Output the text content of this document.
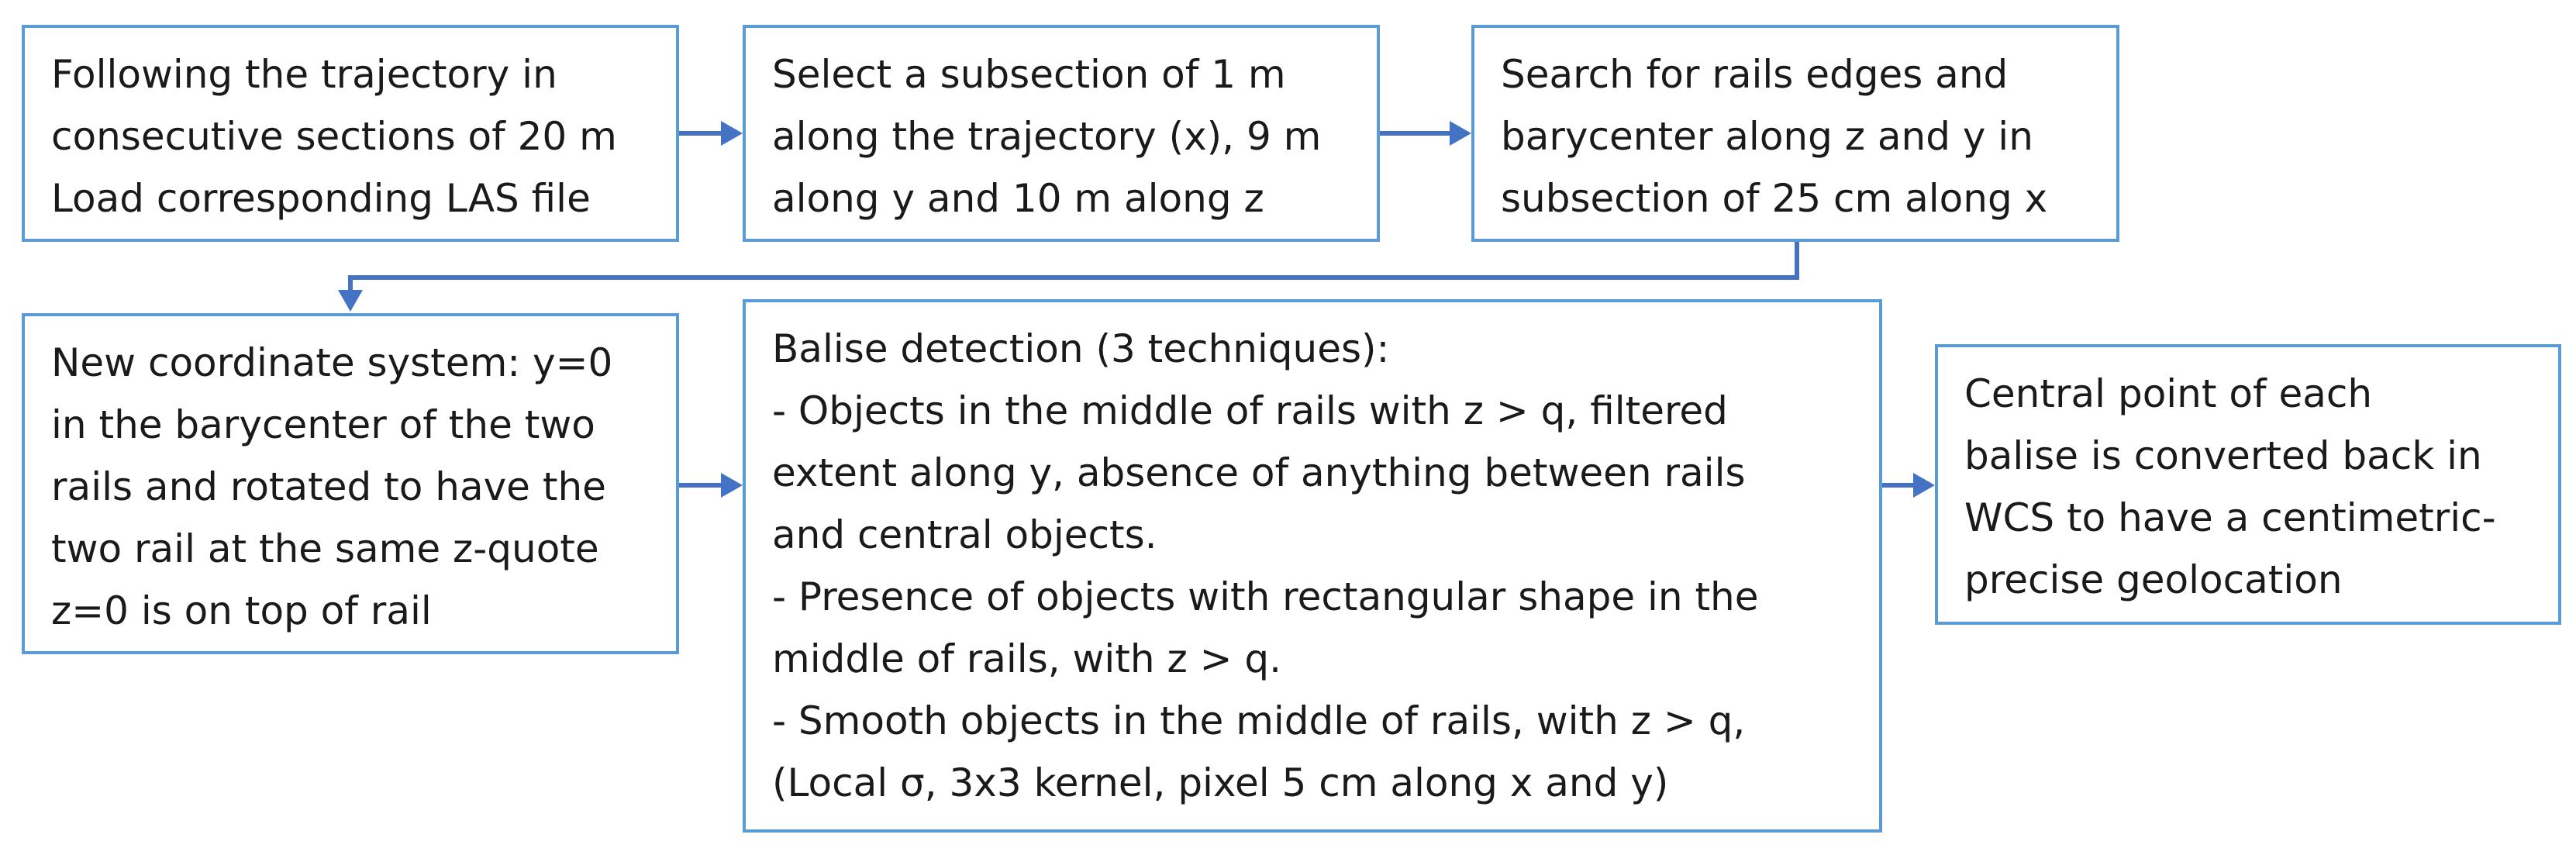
Following the trajectory in
consecutive sections of 20 m
Load corresponding LAS file
Select a subsection of 1 m
along the trajectory (x), 9 m
along y and 10 m along z
Search for rails edges and
barycenter along z and y in
subsection of 25 cm along x
New coordinate system: y=0
in the barycenter of the two
rails and rotated to have the
two rail at the same z-quote
z=0 is on top of rail
Balise detection (3 techniques):
- Objects in the middle of rails with z > q, filtered
extent along y, absence of anything between rails
and central objects.
- Presence of objects with rectangular shape in the
middle of rails, with z > q.
- Smooth objects in the middle of rails, with z > q,
(Local σ, 3x3 kernel, pixel 5 cm along x and y)
Central point of each
balise is converted back in
WCS to have a centimetric-
precise geolocation
